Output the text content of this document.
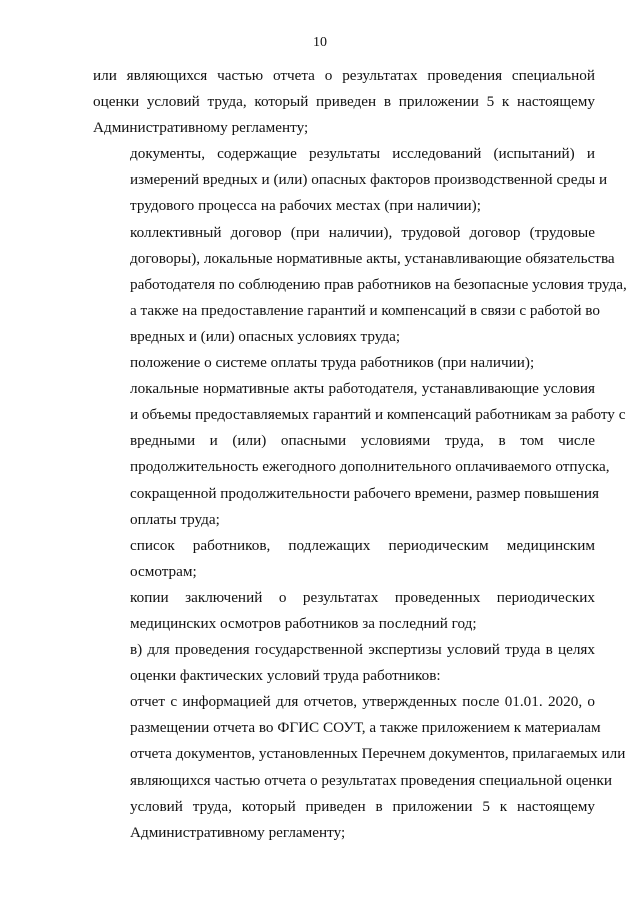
10
или являющихся частью отчета о результатах проведения специальной
оценки условий труда, который приведен в приложении 5 к настоящему
Административному регламенту;
документы, содержащие результаты исследований (испытаний) и
измерений вредных и (или) опасных факторов производственной среды и
трудового процесса на рабочих местах (при наличии);
коллективный договор (при наличии), трудовой договор (трудовые
договоры), локальные нормативные акты, устанавливающие обязательства
работодателя по соблюдению прав работников на безопасные условия труда,
а также на предоставление гарантий и компенсаций в связи с работой во
вредных и (или) опасных условиях труда;
положение о системе оплаты труда работников (при наличии);
локальные нормативные акты работодателя, устанавливающие условия
и объемы предоставляемых гарантий и компенсаций работникам за работу с
вредными и (или) опасными условиями труда, в том числе
продолжительность ежегодного дополнительного оплачиваемого отпуска,
сокращенной продолжительности рабочего времени, размер повышения
оплаты труда;
список работников, подлежащих периодическим медицинским
осмотрам;
копии заключений о результатах проведенных периодических
медицинских осмотров работников за последний год;
в) для проведения государственной экспертизы условий труда в целях
оценки фактических условий труда работников:
отчет с информацией для отчетов, утвержденных после 01.01. 2020, о
размещении отчета во ФГИС СОУТ, а также приложением к материалам
отчета документов, установленных Перечнем документов, прилагаемых или
являющихся частью отчета о результатах проведения специальной оценки
условий труда, который приведен в приложении 5 к настоящему
Административному регламенту;
